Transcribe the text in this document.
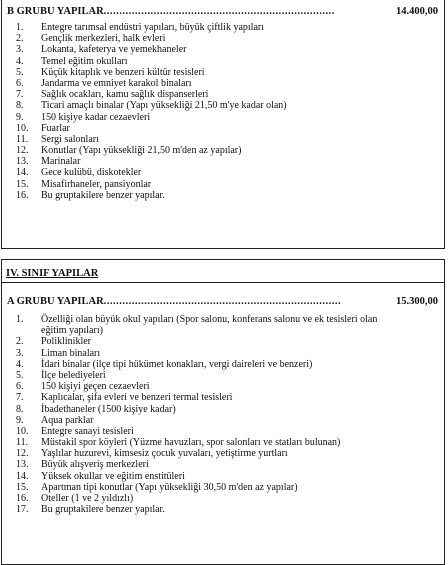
B GRUBU YAPILAR..........................................................................	14.400,00
1.	Entegre tarımsal endüstri yapıları, büyük çiftlik yapıları
2.	Gençlik merkezleri, halk evleri
3.	Lokanta, kafeterya ve yemekhaneler
4.	Temel eğitim okulları
5.	Küçük kitaplık ve benzeri kültür tesisleri
6.	Jandarma ve emniyet karakol binaları
7.	Sağlık ocakları, kamu sağlık dispanserleri
8.	Ticari amaçlı binalar (Yapı yüksekliği 21,50 m'ye kadar olan)
9.	150 kişiye kadar cezaevleri
10.	Fuarlar
11.	Sergi salonları
12.	Konutlar (Yapı yüksekliği 21,50 m'den az yapılar)
13.	Marinalar
14.	Gece kulübü, diskotekler
15.	Misafirhaneler, pansiyonlar
16.	Bu gruptakilere benzer yapılar.
IV. SINIF YAPILAR
A GRUBU YAPILAR............................................................................	15.300,00
1.	Özelliği olan büyük okul yapıları (Spor salonu, konferans salonu ve ek tesisleri olan eğitim yapıları)
2.	Poliklinikler
3.	Liman binaları
4.	İdari binalar (ilçe tipi hükümet konakları, vergi daireleri ve benzeri)
5.	İlçe belediyeleri
6.	150 kişiyi geçen cezaevleri
7.	Kaplıcalar, şifa evleri ve benzeri termal tesisleri
8.	İbadethaneler (1500 kişiye kadar)
9.	Aqua parklar
10.	Entegre sanayi tesisleri
11.	Müstakil spor köyleri (Yüzme havuzları, spor salonları ve statları bulunan)
12.	Yaşlılar huzurevi, kimsesiz çocuk yuvaları, yetiştirme yurtları
13.	Büyük alışveriş merkezleri
14.	Yüksek okullar ve eğitim enstitüleri
15.	Apartman tipi konutlar (Yapı yüksekliği 30,50 m'den az yapılar)
16.	Oteller (1 ve 2 yıldızlı)
17.	Bu gruptakilere benzer yapılar.
